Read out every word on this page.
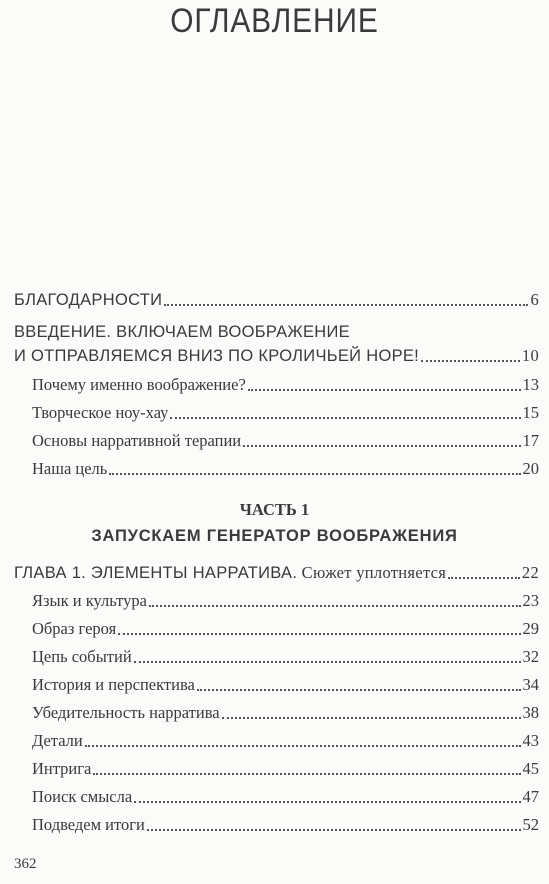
ОГЛАВЛЕНИЕ
БЛАГОДАРНОСТИ	6
ВВЕДЕНИЕ. ВКЛЮЧАЕМ ВООБРАЖЕНИЕ
И ОТПРАВЛЯЕМСЯ ВНИЗ ПО КРОЛИЧЬЕЙ НОРЕ!	10
Почему именно воображение?	13
Творческое ноу-хау	15
Основы нарративной терапии	17
Наша цель	20
ЧАСТЬ 1
ЗАПУСКАЕМ ГЕНЕРАТОР ВООБРАЖЕНИЯ
ГЛАВА 1. ЭЛЕМЕНТЫ НАРРАТИВА. Сюжет уплотняется	22
Язык и культура	23
Образ героя	29
Цепь событий	32
История и перспектива	34
Убедительность нарратива	38
Детали	43
Интрига	45
Поиск смысла	47
Подведем итоги	52
362
